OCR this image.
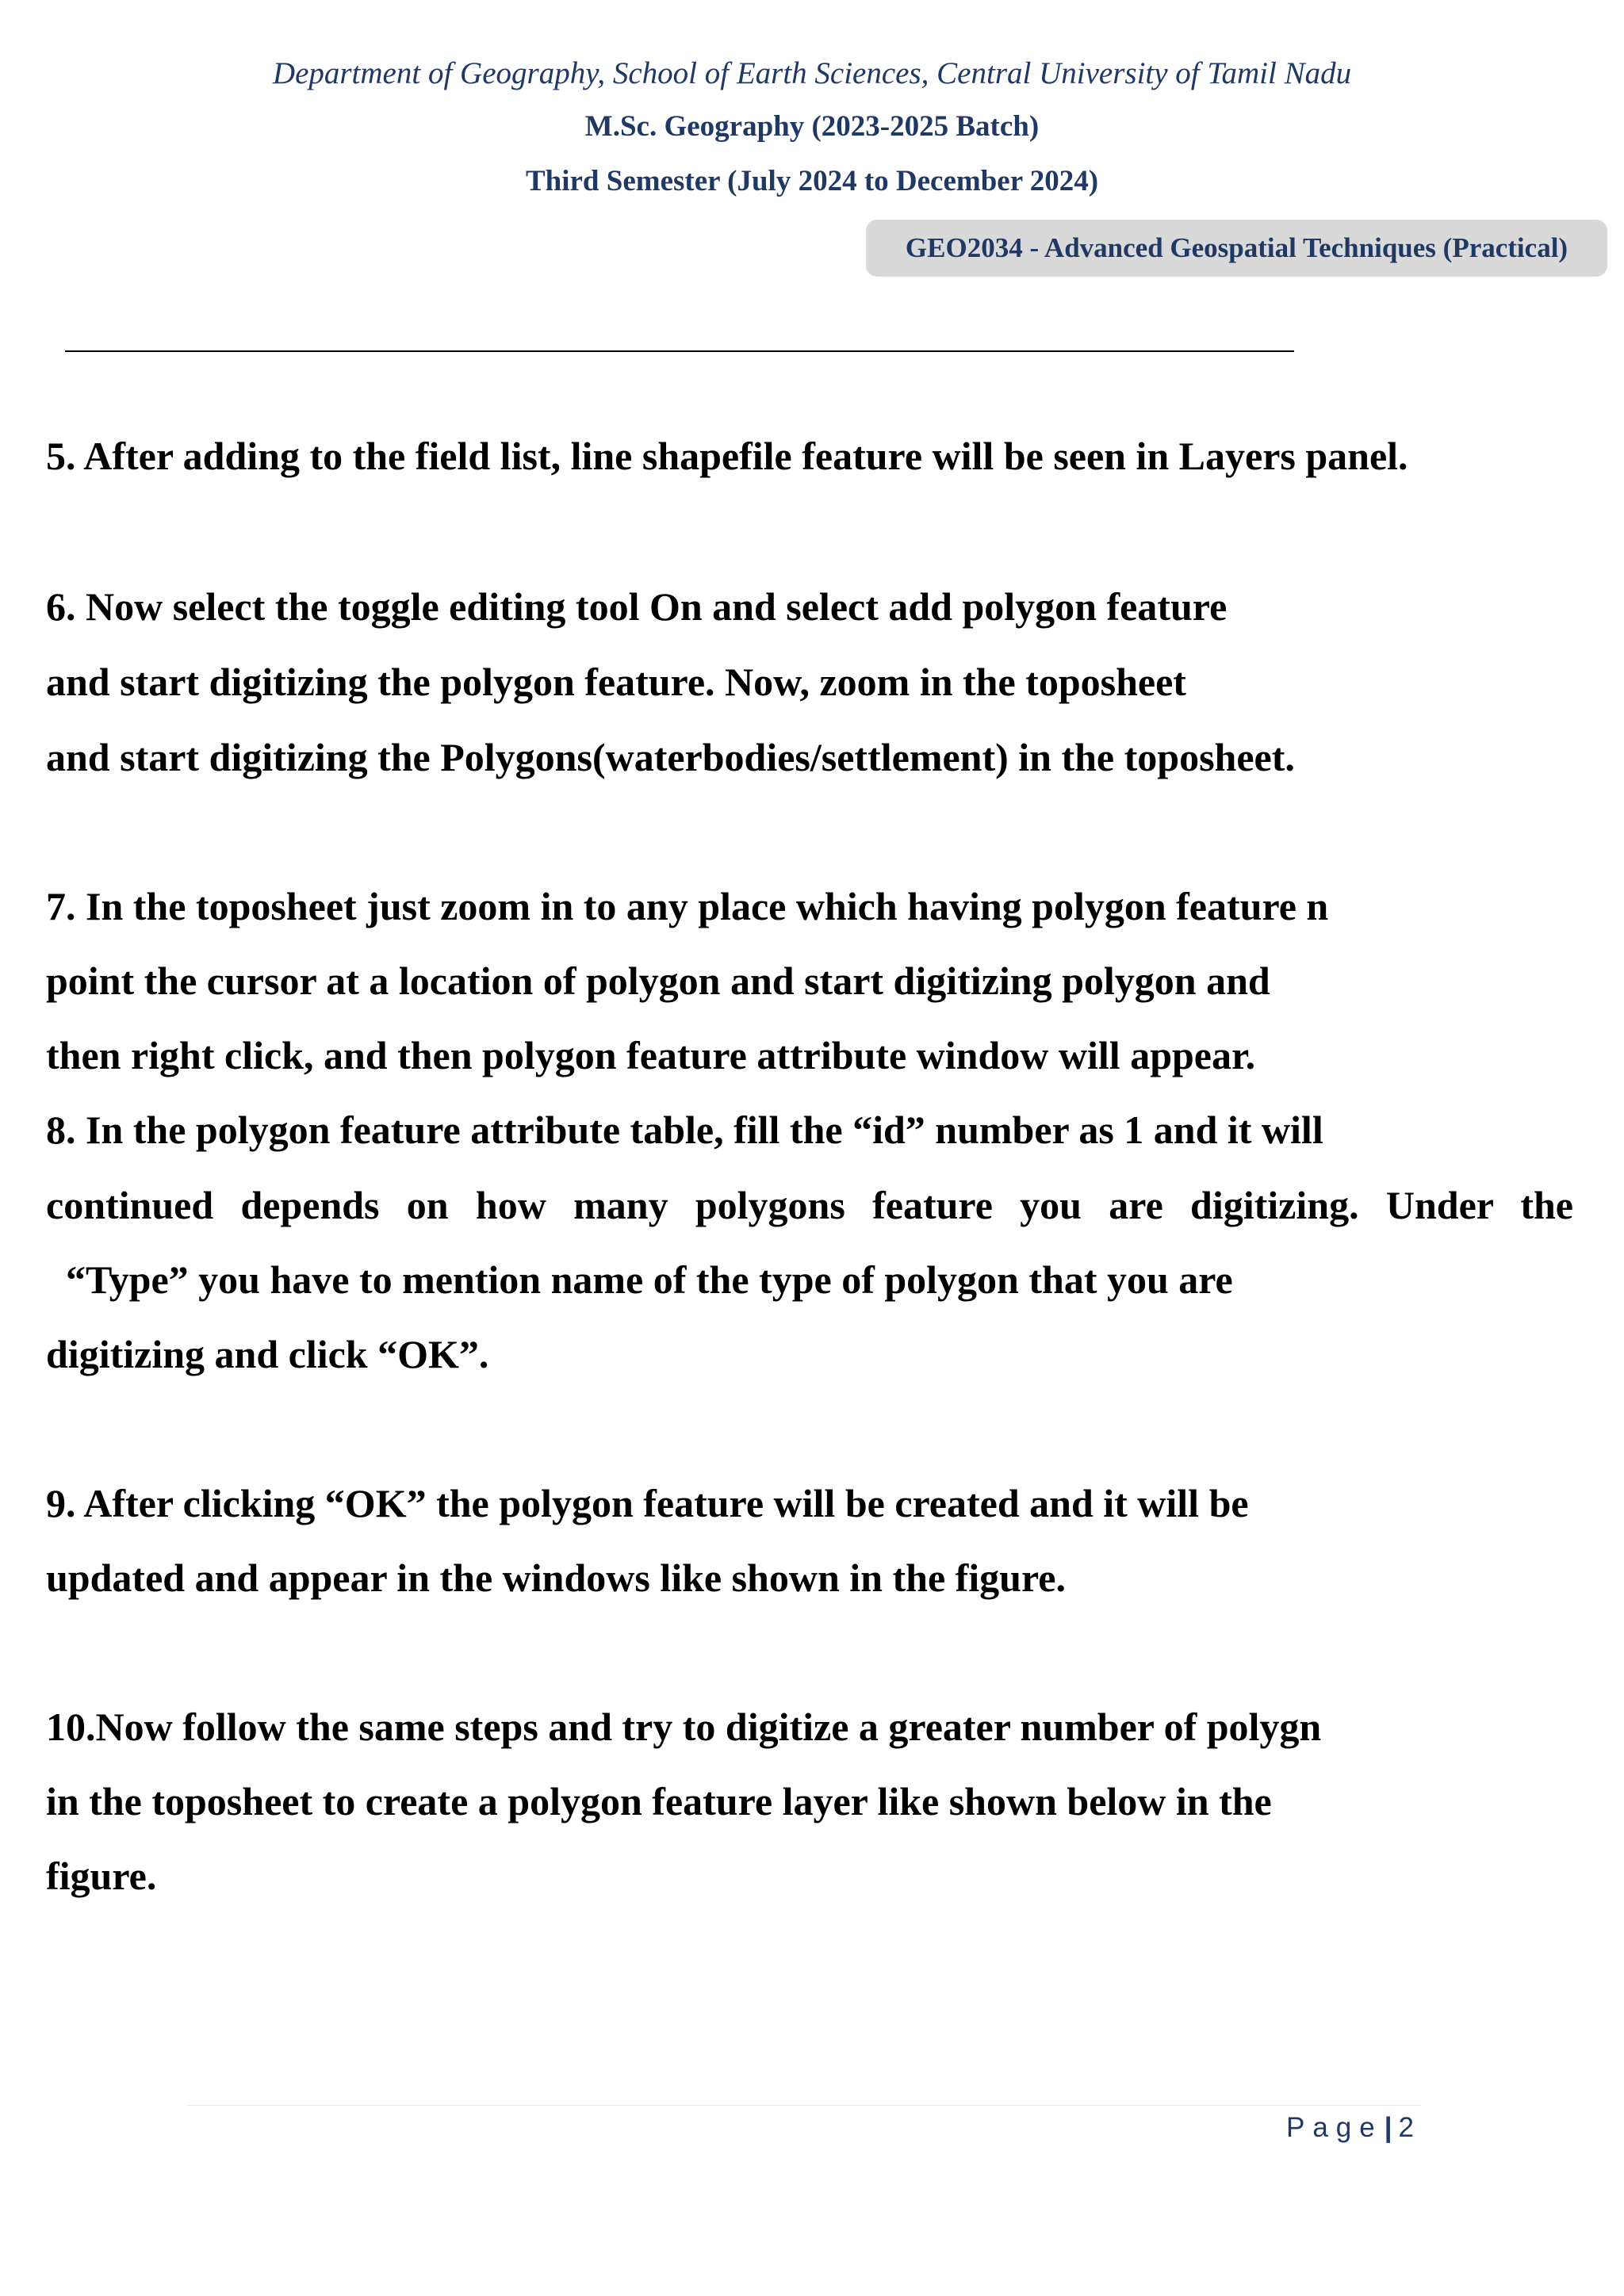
Department of Geography, School of Earth Sciences, Central University of Tamil Nadu
M.Sc. Geography (2023-2025 Batch)
Third Semester (July 2024 to December 2024)
GEO2034 - Advanced Geospatial Techniques (Practical)
5. After adding to the field list, line shapefile feature will be seen in Layers panel.
6. Now select the toggle editing tool On and select add polygon feature
and start digitizing the polygon feature. Now, zoom in the toposheet
and start digitizing the Polygons(waterbodies/settlement) in the toposheet.
7. In the toposheet just zoom in to any place which having polygon feature n
point the cursor at a location of polygon and start digitizing polygon and
then right click, and then polygon feature attribute window will appear.
8. In the polygon feature attribute table, fill the “id” number as 1 and it will
continued depends on how many polygons feature you are digitizing. Under the
“Type” you have to mention name of the type of polygon that you are
digitizing and click “OK”.
9. After clicking “OK” the polygon feature will be created and it will be
updated and appear in the windows like shown in the figure.
10.Now follow the same steps and try to digitize a greater number of polygn
in the toposheet to create a polygon feature layer like shown below in the
figure.
Page| 2
